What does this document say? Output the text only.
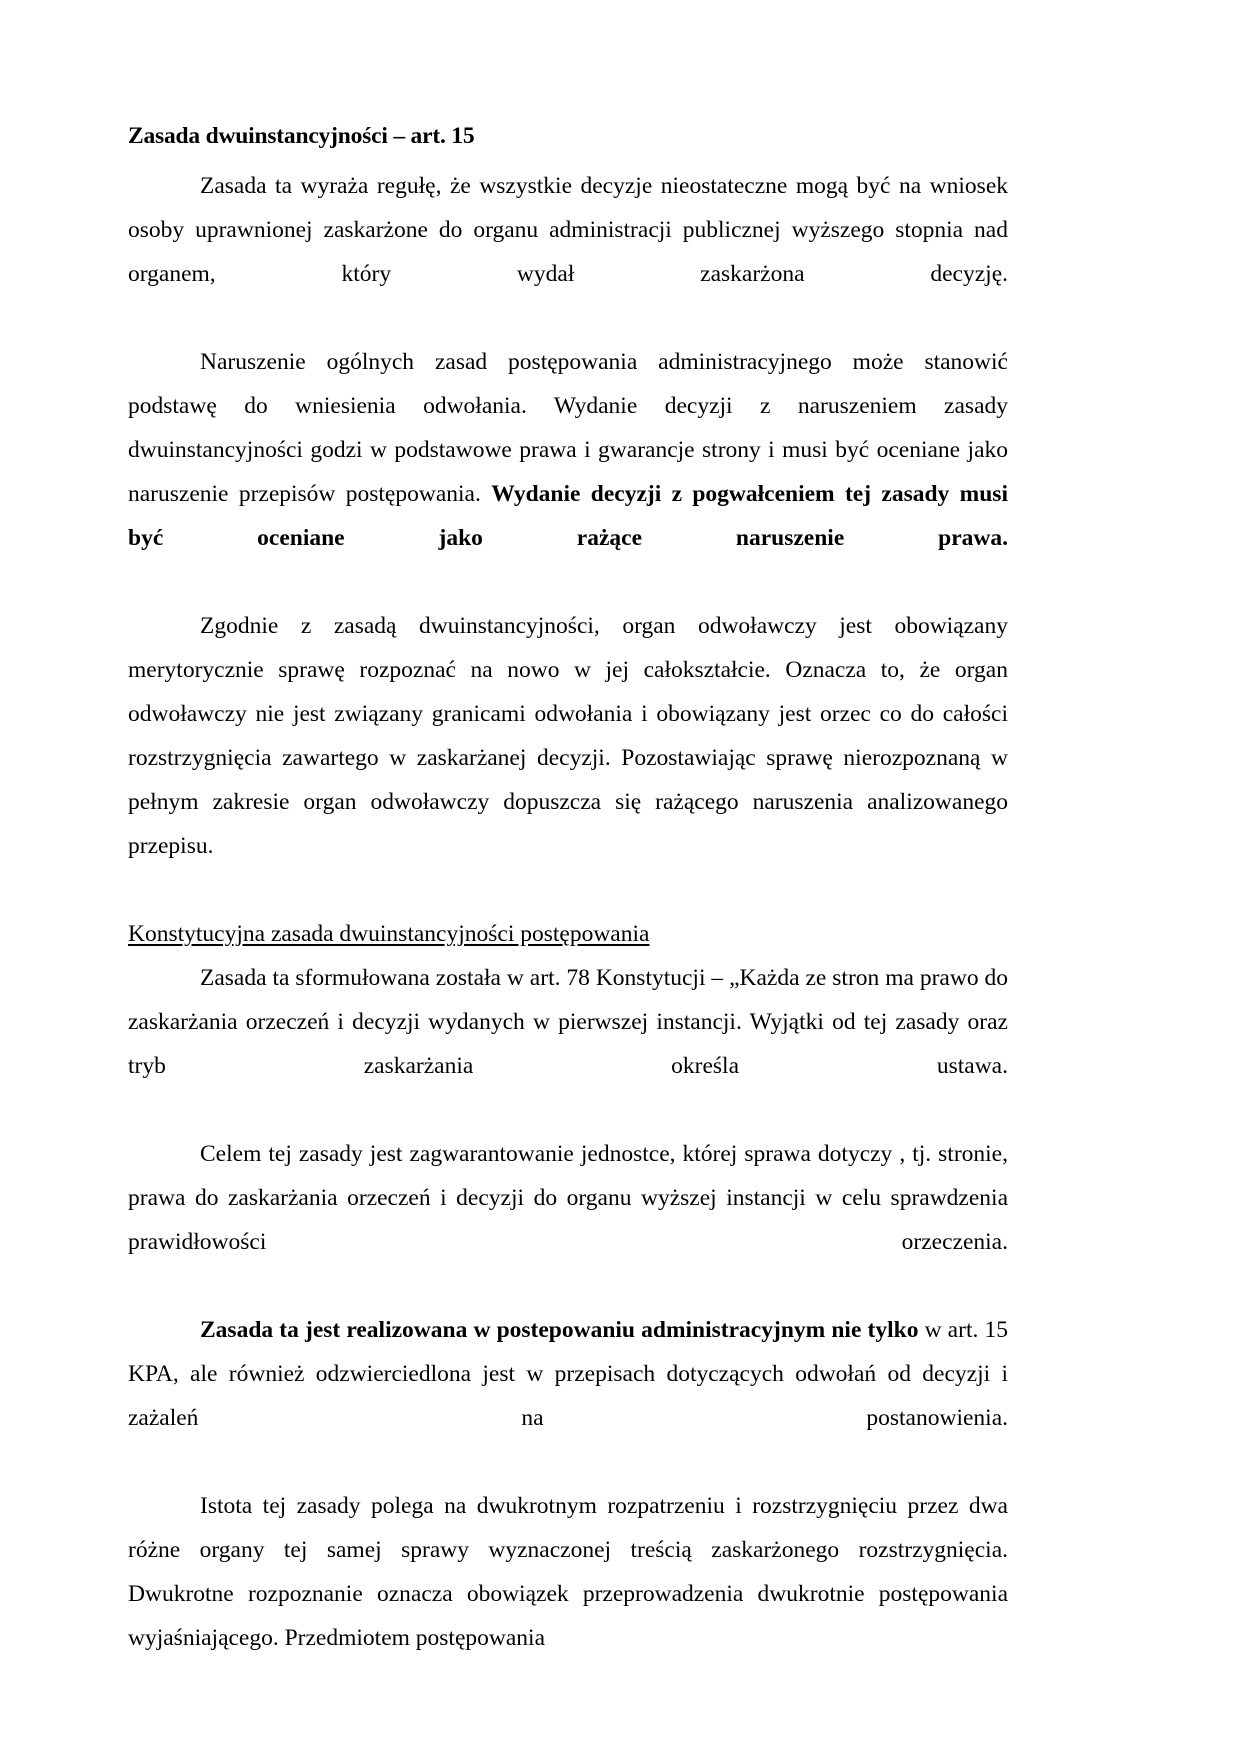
Zasada dwuinstancyjności – art. 15

Zasada ta wyraża regułę, że wszystkie decyzje nieostateczne mogą być na wniosek osoby uprawnionej zaskarżone do organu administracji publicznej wyższego stopnia nad organem, który wydał zaskarżona decyzję.

Naruszenie ogólnych zasad postępowania administracyjnego może stanowić podstawę do wniesienia odwołania. Wydanie decyzji z naruszeniem zasady dwuinstancyjności godzi w podstawowe prawa i gwarancje strony i musi być oceniane jako naruszenie przepisów postępowania. Wydanie decyzji z pogwałceniem tej zasady musi być oceniane jako rażące naruszenie prawa.

Zgodnie z zasadą dwuinstancyjności, organ odwoławczy jest obowiązany merytorycznie sprawę rozpoznać na nowo w jej całokształcie. Oznacza to, że organ odwoławczy nie jest związany granicami odwołania i obowiązany jest orzec co do całości rozstrzygnięcia zawartego w zaskarżanej decyzji. Pozostawiając sprawę nierozpoznaną w pełnym zakresie organ odwoławczy dopuszcza się rażącego naruszenia analizowanego przepisu.

Konstytucyjna zasada dwuinstancyjności postępowania

Zasada ta sformułowana została w art. 78 Konstytucji – „Każda ze stron ma prawo do zaskarżania orzeczeń i decyzji wydanych w pierwszej instancji. Wyjątki od tej zasady oraz tryb zaskarżania określa ustawa.

Celem tej zasady jest zagwarantowanie jednostce, której sprawa dotyczy , tj. stronie, prawa do zaskarżania orzeczeń i decyzji do organu wyższej instancji w celu sprawdzenia prawidłowości orzeczenia.

Zasada ta jest realizowana w postepowaniu administracyjnym nie tylko w art. 15 KPA, ale również odzwierciedlona jest w przepisach dotyczących odwołań od decyzji i zażaleń na postanowienia.

Istota tej zasady polega na dwukrotnym rozpatrzeniu i rozstrzygnięciu przez dwa różne organy tej samej sprawy wyznaczonej treścią zaskarżonego rozstrzygnięcia. Dwukrotne rozpoznanie oznacza obowiązek przeprowadzenia dwukrotnie postępowania wyjaśniającego. Przedmiotem postępowania
